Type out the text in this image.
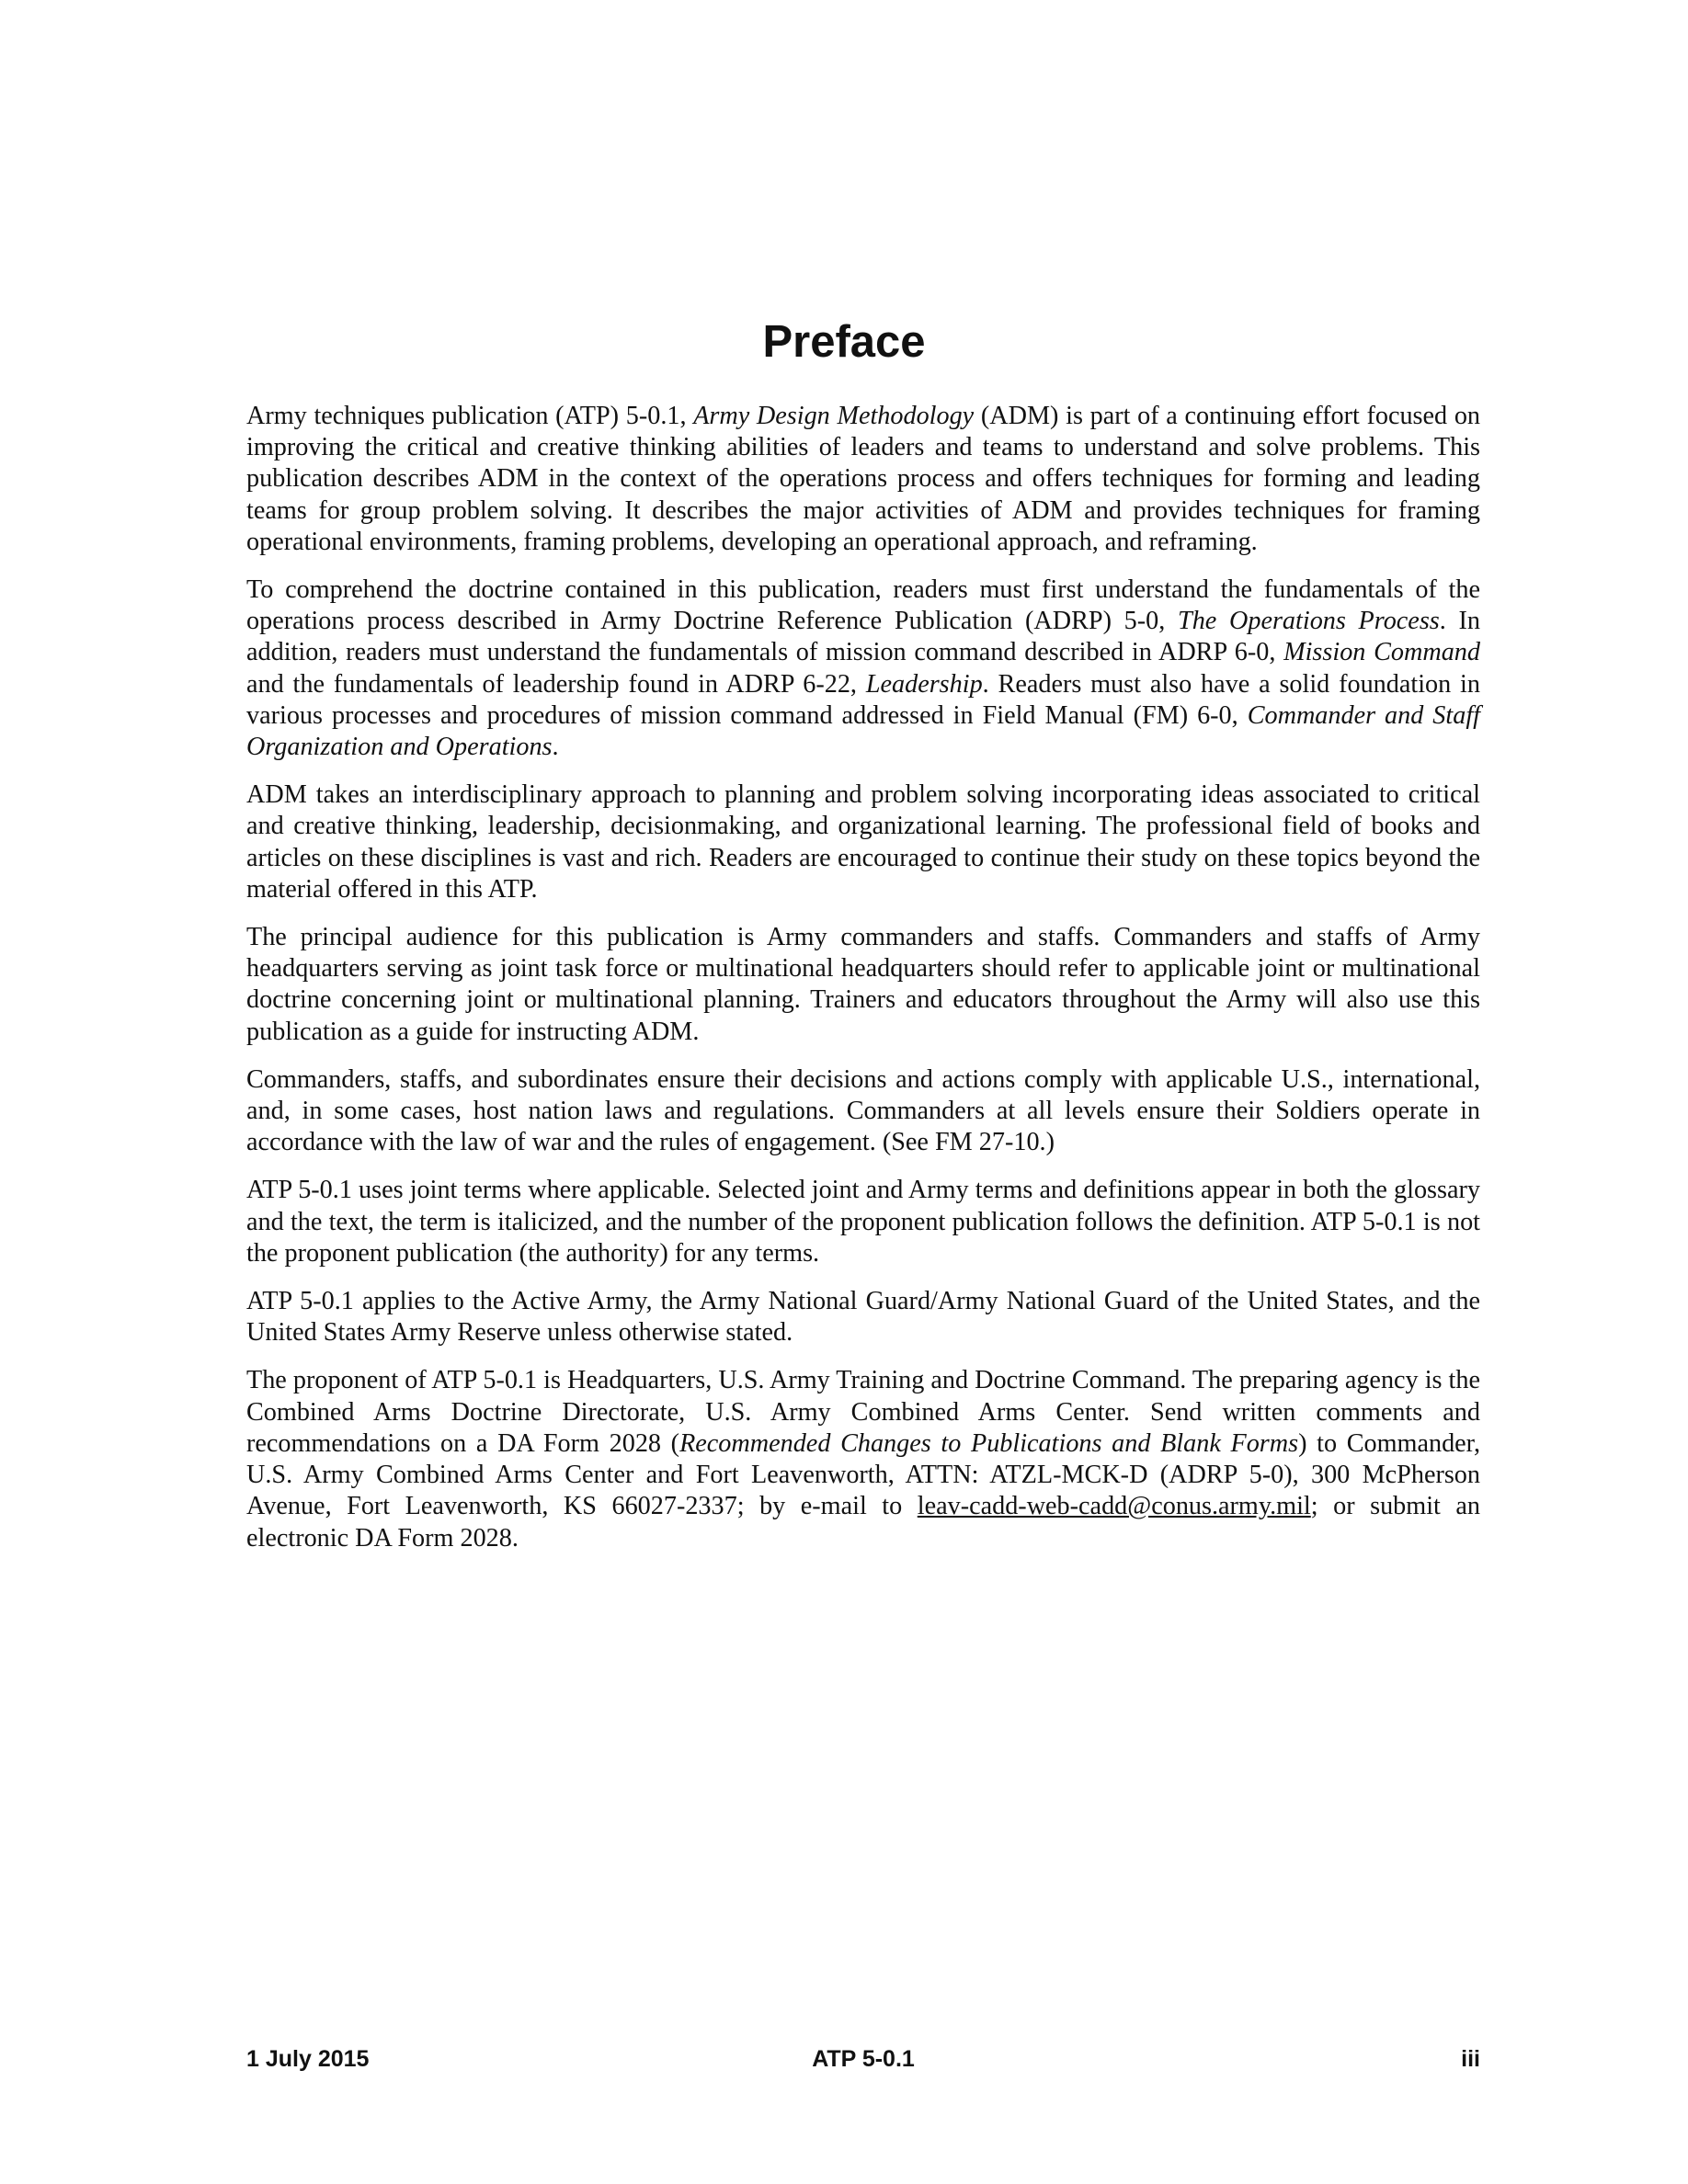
Preface

Army techniques publication (ATP) 5-0.1, Army Design Methodology (ADM) is part of a continuing effort focused on improving the critical and creative thinking abilities of leaders and teams to understand and solve problems. This publication describes ADM in the context of the operations process and offers techniques for forming and leading teams for group problem solving. It describes the major activities of ADM and provides techniques for framing operational environments, framing problems, developing an operational approach, and reframing.

To comprehend the doctrine contained in this publication, readers must first understand the fundamentals of the operations process described in Army Doctrine Reference Publication (ADRP) 5-0, The Operations Process. In addition, readers must understand the fundamentals of mission command described in ADRP 6-0, Mission Command and the fundamentals of leadership found in ADRP 6-22, Leadership. Readers must also have a solid foundation in various processes and procedures of mission command addressed in Field Manual (FM) 6-0, Commander and Staff Organization and Operations.

ADM takes an interdisciplinary approach to planning and problem solving incorporating ideas associated to critical and creative thinking, leadership, decisionmaking, and organizational learning. The professional field of books and articles on these disciplines is vast and rich. Readers are encouraged to continue their study on these topics beyond the material offered in this ATP.

The principal audience for this publication is Army commanders and staffs. Commanders and staffs of Army headquarters serving as joint task force or multinational headquarters should refer to applicable joint or multinational doctrine concerning joint or multinational planning. Trainers and educators throughout the Army will also use this publication as a guide for instructing ADM.

Commanders, staffs, and subordinates ensure their decisions and actions comply with applicable U.S., international, and, in some cases, host nation laws and regulations. Commanders at all levels ensure their Soldiers operate in accordance with the law of war and the rules of engagement. (See FM 27-10.)

ATP 5-0.1 uses joint terms where applicable. Selected joint and Army terms and definitions appear in both the glossary and the text, the term is italicized, and the number of the proponent publication follows the definition. ATP 5-0.1 is not the proponent publication (the authority) for any terms.

ATP 5-0.1 applies to the Active Army, the Army National Guard/Army National Guard of the United States, and the United States Army Reserve unless otherwise stated.

The proponent of ATP 5-0.1 is Headquarters, U.S. Army Training and Doctrine Command. The preparing agency is the Combined Arms Doctrine Directorate, U.S. Army Combined Arms Center. Send written comments and recommendations on a DA Form 2028 (Recommended Changes to Publications and Blank Forms) to Commander, U.S. Army Combined Arms Center and Fort Leavenworth, ATTN: ATZL-MCK-D (ADRP 5-0), 300 McPherson Avenue, Fort Leavenworth, KS 66027-2337; by e-mail to leav-cadd-web-cadd@conus.army.mil; or submit an electronic DA Form 2028.

1 July 2015	ATP 5-0.1	iii
